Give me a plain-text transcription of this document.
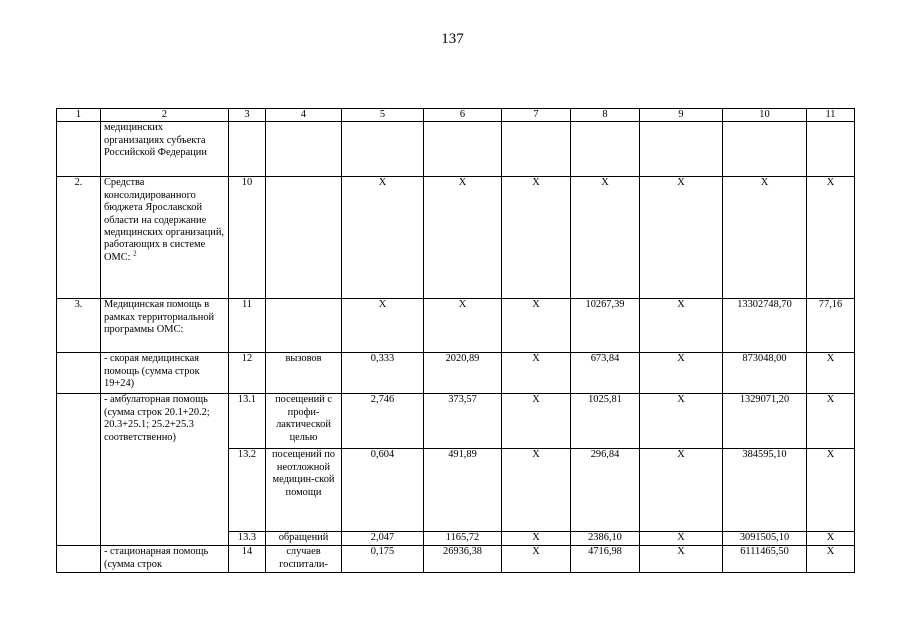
137
1	2	3	4	5	6	7	8	9	10	11
	медицинских организациях субъекта Российской Федерации									
2.	Средства консолидированного бюджета Ярославской области на содержание медицинских организаций, работающих в системе ОМС: $^2$	10		Х	Х	Х	Х	Х	Х	Х
3.	Медицинская помощь в рамках территориальной программы ОМС:	11		Х	Х	Х	10267,39	Х	13302748,70	77,16
	- скорая медицинская помощь (сумма строк 19+24)	12	вызовов	0,333	2020,89	Х	673,84	Х	873048,00	Х
	- амбулаторная помощь (сумма строк 20.1+20.2; 20.3+25.1; 25.2+25.3 соответственно)	13.1	посещений с профи-лактической целью	2,746	373,57	Х	1025,81	Х	1329071,20	Х
		13.2	посещений по неотложной медицин-ской помощи	0,604	491,89	Х	296,84	Х	384595,10	Х
		13.3	обращений	2,047	1165,72	Х	2386,10	Х	3091505,10	Х
	- стационарная помощь (сумма строк	14	случаев госпитали-	0,175	26936,38	Х	4716,98	Х	6111465,50	Х
